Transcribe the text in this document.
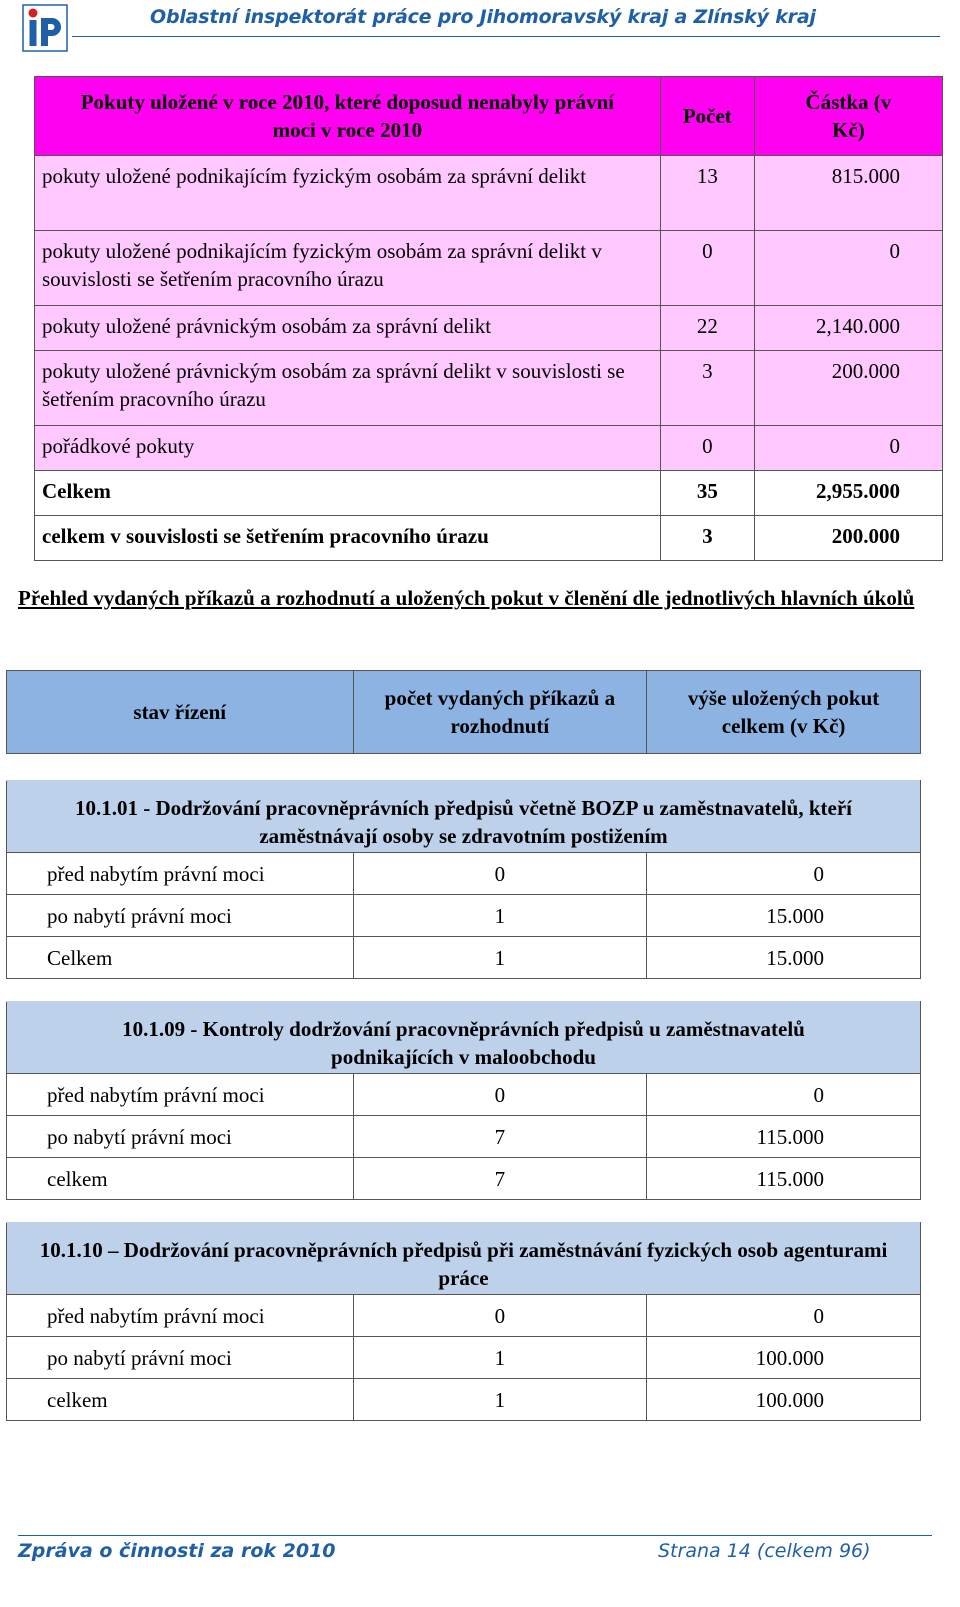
Oblastní inspektorát práce pro Jihomoravský kraj a Zlínský kraj
Pokuty uložené v roce 2010, které doposud nenabyly právní moci v roce 2010	Počet	Částka (v Kč)
pokuty uložené podnikajícím fyzickým osobám za správní delikt	13	815.000
pokuty uložené podnikajícím fyzickým osobám za správní delikt v souvislosti se šetřením pracovního úrazu	0	0
pokuty uložené právnickým osobám za správní delikt	22	2,140.000
pokuty uložené právnickým osobám za správní delikt v souvislosti se šetřením pracovního úrazu	3	200.000
pořádkové pokuty	0	0
Celkem	35	2,955.000
celkem v souvislosti se šetřením pracovního úrazu	3	200.000
Přehled vydaných příkazů a rozhodnutí a uložených pokut v členění dle jednotlivých hlavních úkolů
stav řízení	počet vydaných příkazů a rozhodnutí	výše uložených pokut celkem (v Kč)
10.1.01 - Dodržování pracovněprávních předpisů včetně BOZP u zaměstnavatelů, kteří zaměstnávají osoby se zdravotním postižením		
před nabytím právní moci	0	0
po nabytí právní moci	1	15.000
Celkem	1	15.000
10.1.09 - Kontroly dodržování pracovněprávních předpisů u zaměstnavatelů podnikajících v maloobchodu		
před nabytím právní moci	0	0
po nabytí právní moci	7	115.000
celkem	7	115.000
10.1.10 – Dodržování pracovněprávních předpisů při zaměstnávání fyzických osob agenturami práce		
před nabytím právní moci	0	0
po nabytí právní moci	1	100.000
celkem	1	100.000
Zpráva o činnosti za rok 2010	Strana 14 (celkem 96)
